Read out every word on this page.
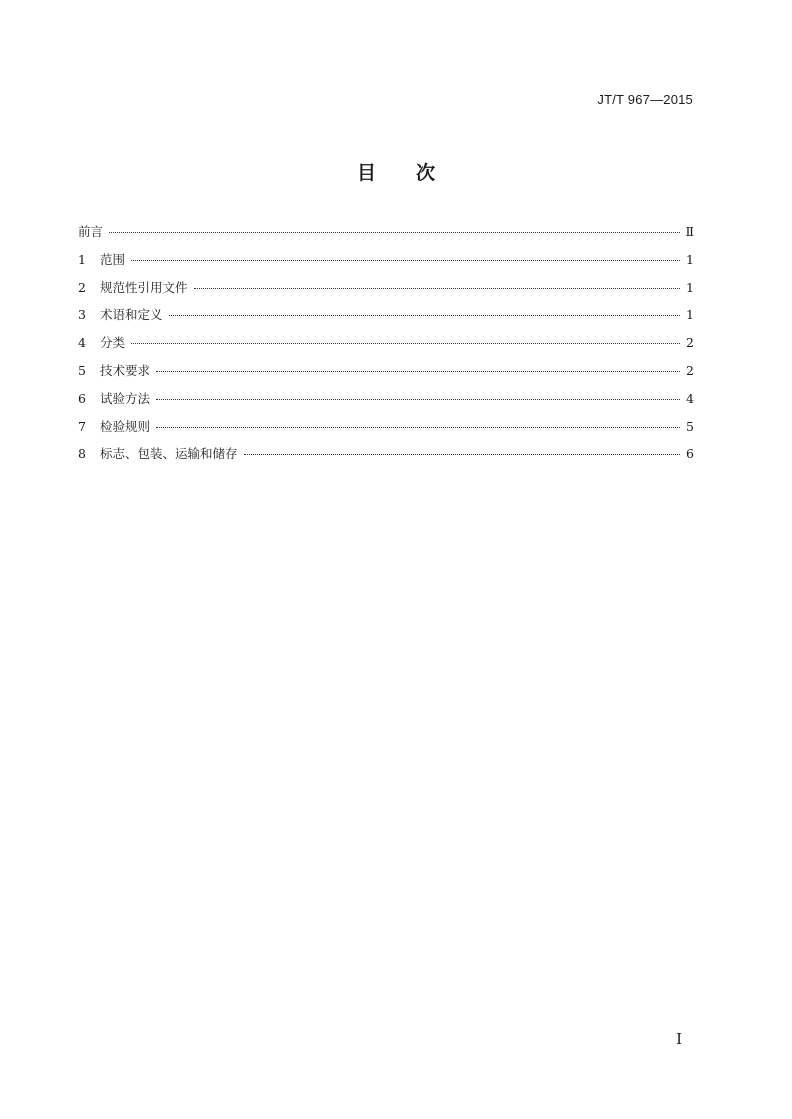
JT/T 967—2015
目次
前言	Ⅱ
1	范围	1
2	规范性引用文件	1
3	术语和定义	1
4	分类	2
5	技术要求	2
6	试验方法	4
7	检验规则	5
8	标志、包装、运输和储存	6
I
